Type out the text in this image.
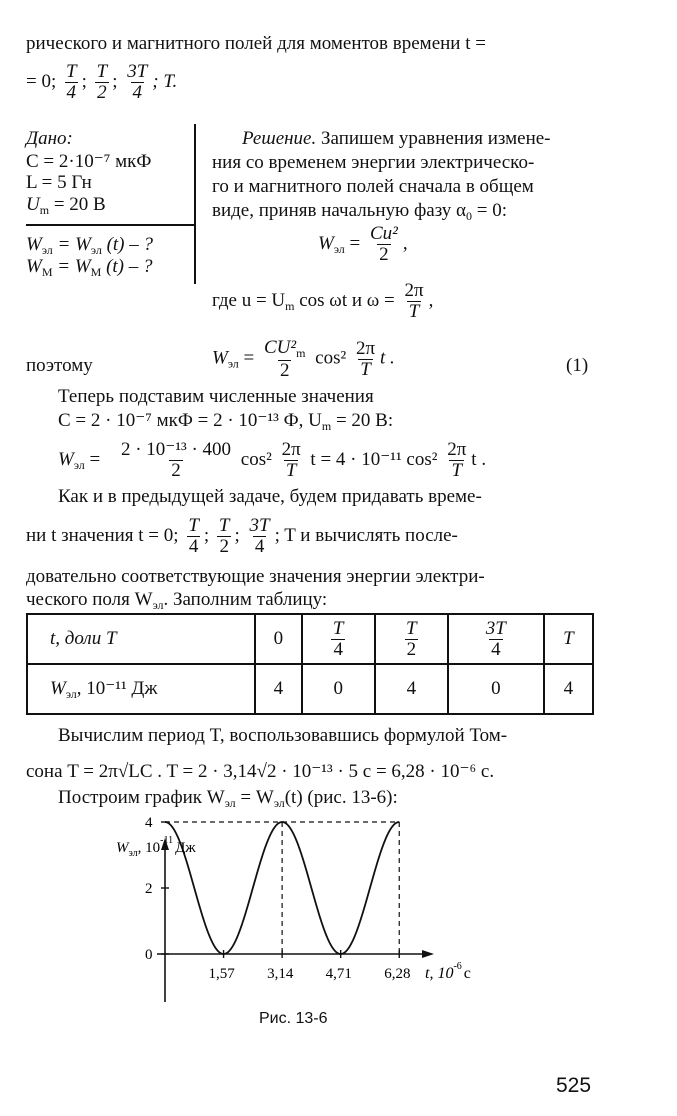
рического и магнитного полей для моментов времени t =
= 0; $\frac{T}{4}$ ; $\frac{T}{2}$ ; $\frac{3T}{4}$ ; T.
Дано:
C = 2·10⁻⁷ мкФ
L = 5 Гн
$U_m = 20$ В
$W_{эл} = W_{эл}$ (t) – ?
$W_М = W_М$ (t) – ?
Решение. Запишем уравнения измене-
ния со временем энергии электрическо-
го и магнитного полей сначала в общем
виде, приняв начальную фазу $\alpha_0 = 0$:
$W_{эл} = \frac{\text{Cu²}}{2}$ ,
где $u = U_m$ cos ωt и $\omega = \frac{2\pi}{T}$ ,
поэтому	$W_{эл} = \frac{CU^2_m}{2} \cos^2 \frac{2\pi}{T}$ t .	(1)
Теперь подставим численные значения
C = 2 · 10⁻⁷ мкФ = 2 · 10⁻¹³ Ф, $U_m = 20$ В:
$W_{эл} = \frac{\text{2 · 10⁻¹³ · 400}}{2} \cos^2 \frac{2\pi}{T}$ t = 4 · 10⁻¹¹ $\cos^2 \frac{2\pi}{T}$ t .
Как и в предыдущей задаче, будем придавать време-
ни t значения t = 0; $\frac{T}{4}$ ; $\frac{T}{2}$ ; $\frac{3T}{4}$ ; T и вычислять после-
довательно соответствующие значения энергии электри-
ческого поля $W_{эл}$. Заполним таблицу:
t, доли T	0	$\frac{T}{4}$	$\frac{T}{2}$	$\frac{3T}{4}$	T
$W_{эл}$, 10⁻¹¹ Дж	4	0	4	0	4
Вычислим период T, воспользовавшись формулой Том-
сона T = 2π√LC . T = 2 · 3,14√2 · 10⁻¹³ · 5 с = 6,28 · 10⁻⁶ с.
Построим график $W_{эл} = W_{эл}(t)$ (рис. 13-6):
0
2
4
1,57 3,14 4,71 6,28
$W_{эл}$, $10^{-11}$ Дж
t, $10^{-6}$ с
Рис. 13-6
525
